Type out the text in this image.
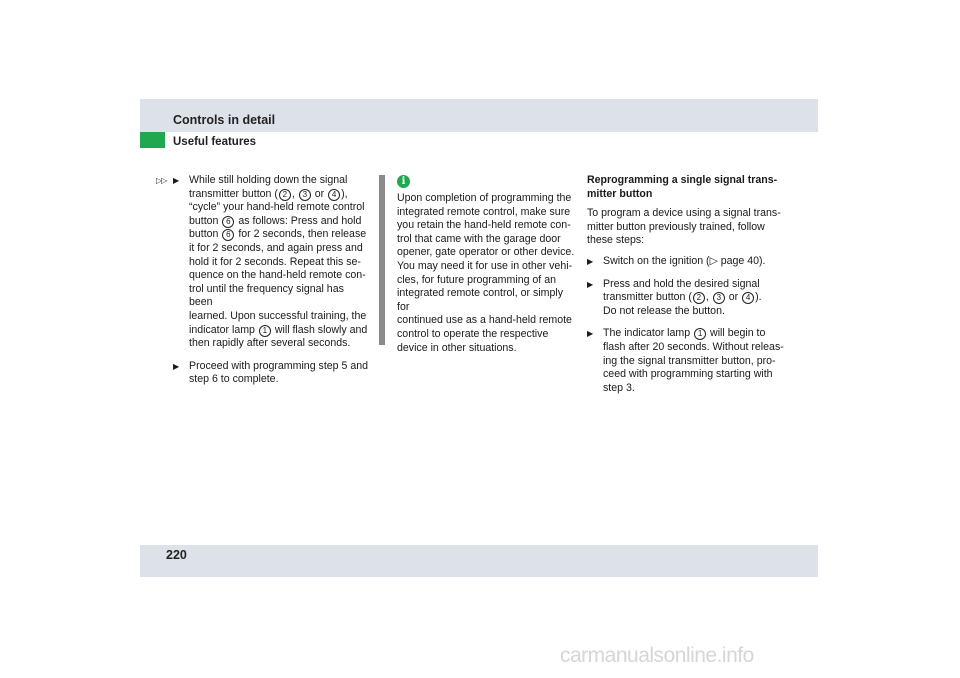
Controls in detail
Useful features
▷▷ ▶ While still holding down the signal
transmitter button ( 2 , 3 or 4 ),
“cycle” your hand-held remote control
button 6 as follows: Press and hold
button 6 for 2 seconds, then release
it for 2 seconds, and again press and
hold it for 2 seconds. Repeat this se-
quence on the hand-held remote con-
trol until the frequency signal has been
learned. Upon successful training, the
indicator lamp 1 will flash slowly and
then rapidly after several seconds.
▶ Proceed with programming step 5 and
step 6 to complete.
i
Upon completion of programming the
integrated remote control, make sure
you retain the hand-held remote con-
trol that came with the garage door
opener, gate operator or other device.
You may need it for use in other vehi-
cles, for future programming of an
integrated remote control, or simply for
continued use as a hand-held remote
control to operate the respective
device in other situations.
Reprogramming a single signal trans-
mitter button
To program a device using a signal trans-
mitter button previously trained, follow
these steps:
▶ Switch on the ignition (▷ page 40).
▶ Press and hold the desired signal
transmitter button ( 2 , 3 or 4 ).
Do not release the button.
▶ The indicator lamp 1 will begin to
flash after 20 seconds. Without releas-
ing the signal transmitter button, pro-
ceed with programming starting with
step 3.
220
carmanualsonline.info
